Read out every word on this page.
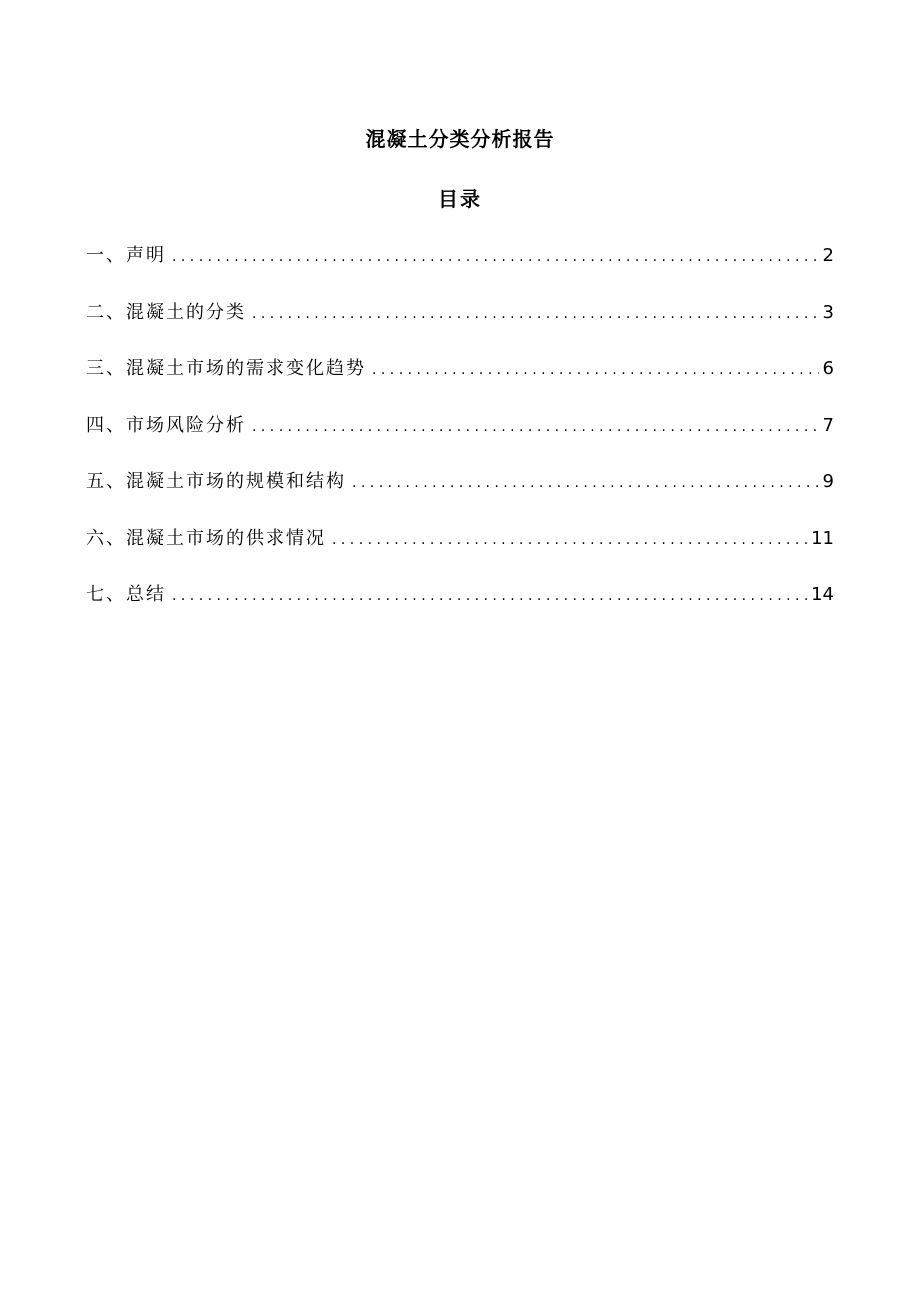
混凝土分类分析报告
目录
一、声明 . . .	2
二、混凝土的分类 . . .	3
三、混凝土市场的需求变化趋势 . . .	6
四、市场风险分析 . . .	7
五、混凝土市场的规模和结构 . . .	9
六、混凝土市场的供求情况 . . .	11
七、总结 . . .	14
